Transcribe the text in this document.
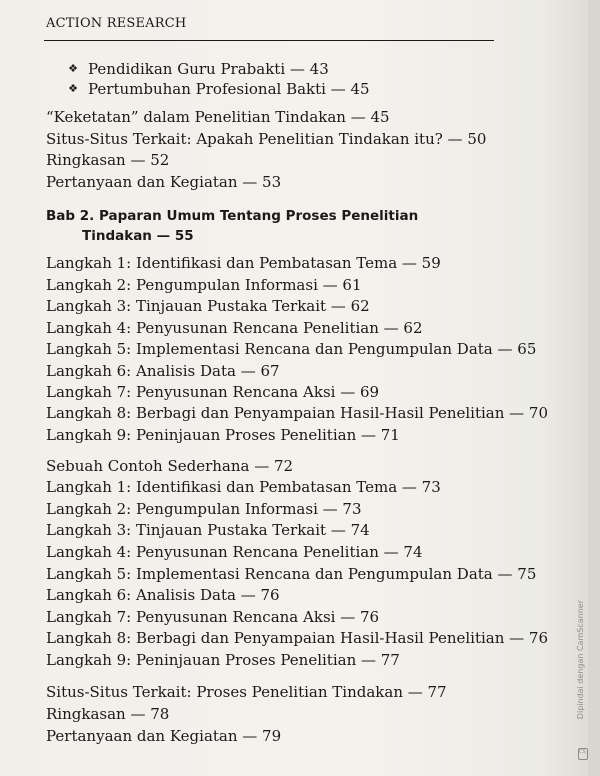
ACTION RESEARCH
❖ Pendidikan Guru Prabakti — 43
❖ Pertumbuhan Profesional Bakti — 45
“Keketatan” dalam Penelitian Tindakan — 45
Situs-Situs Terkait: Apakah Penelitian Tindakan itu? — 50
Ringkasan — 52
Pertanyaan dan Kegiatan — 53
Bab 2. Paparan Umum Tentang Proses Penelitian
Tindakan — 55
Langkah 1: Identifikasi dan Pembatasan Tema — 59
Langkah 2: Pengumpulan Informasi — 61
Langkah 3: Tinjauan Pustaka Terkait — 62
Langkah 4: Penyusunan Rencana Penelitian — 62
Langkah 5: Implementasi Rencana dan Pengumpulan Data — 65
Langkah 6: Analisis Data — 67
Langkah 7: Penyusunan Rencana Aksi — 69
Langkah 8: Berbagi dan Penyampaian Hasil-Hasil Penelitian — 70
Langkah 9: Peninjauan Proses Penelitian — 71
Sebuah Contoh Sederhana — 72
Langkah 1: Identifikasi dan Pembatasan Tema — 73
Langkah 2: Pengumpulan Informasi — 73
Langkah 3: Tinjauan Pustaka Terkait — 74
Langkah 4: Penyusunan Rencana Penelitian — 74
Langkah 5: Implementasi Rencana dan Pengumpulan Data — 75
Langkah 6: Analisis Data — 76
Langkah 7: Penyusunan Rencana Aksi — 76
Langkah 8: Berbagi dan Penyampaian Hasil-Hasil Penelitian — 76
Langkah 9: Peninjauan Proses Penelitian — 77
Situs-Situs Terkait: Proses Penelitian Tindakan — 77
Ringkasan — 78
Pertanyaan dan Kegiatan — 79
Dipindai dengan CamScanner
CS
